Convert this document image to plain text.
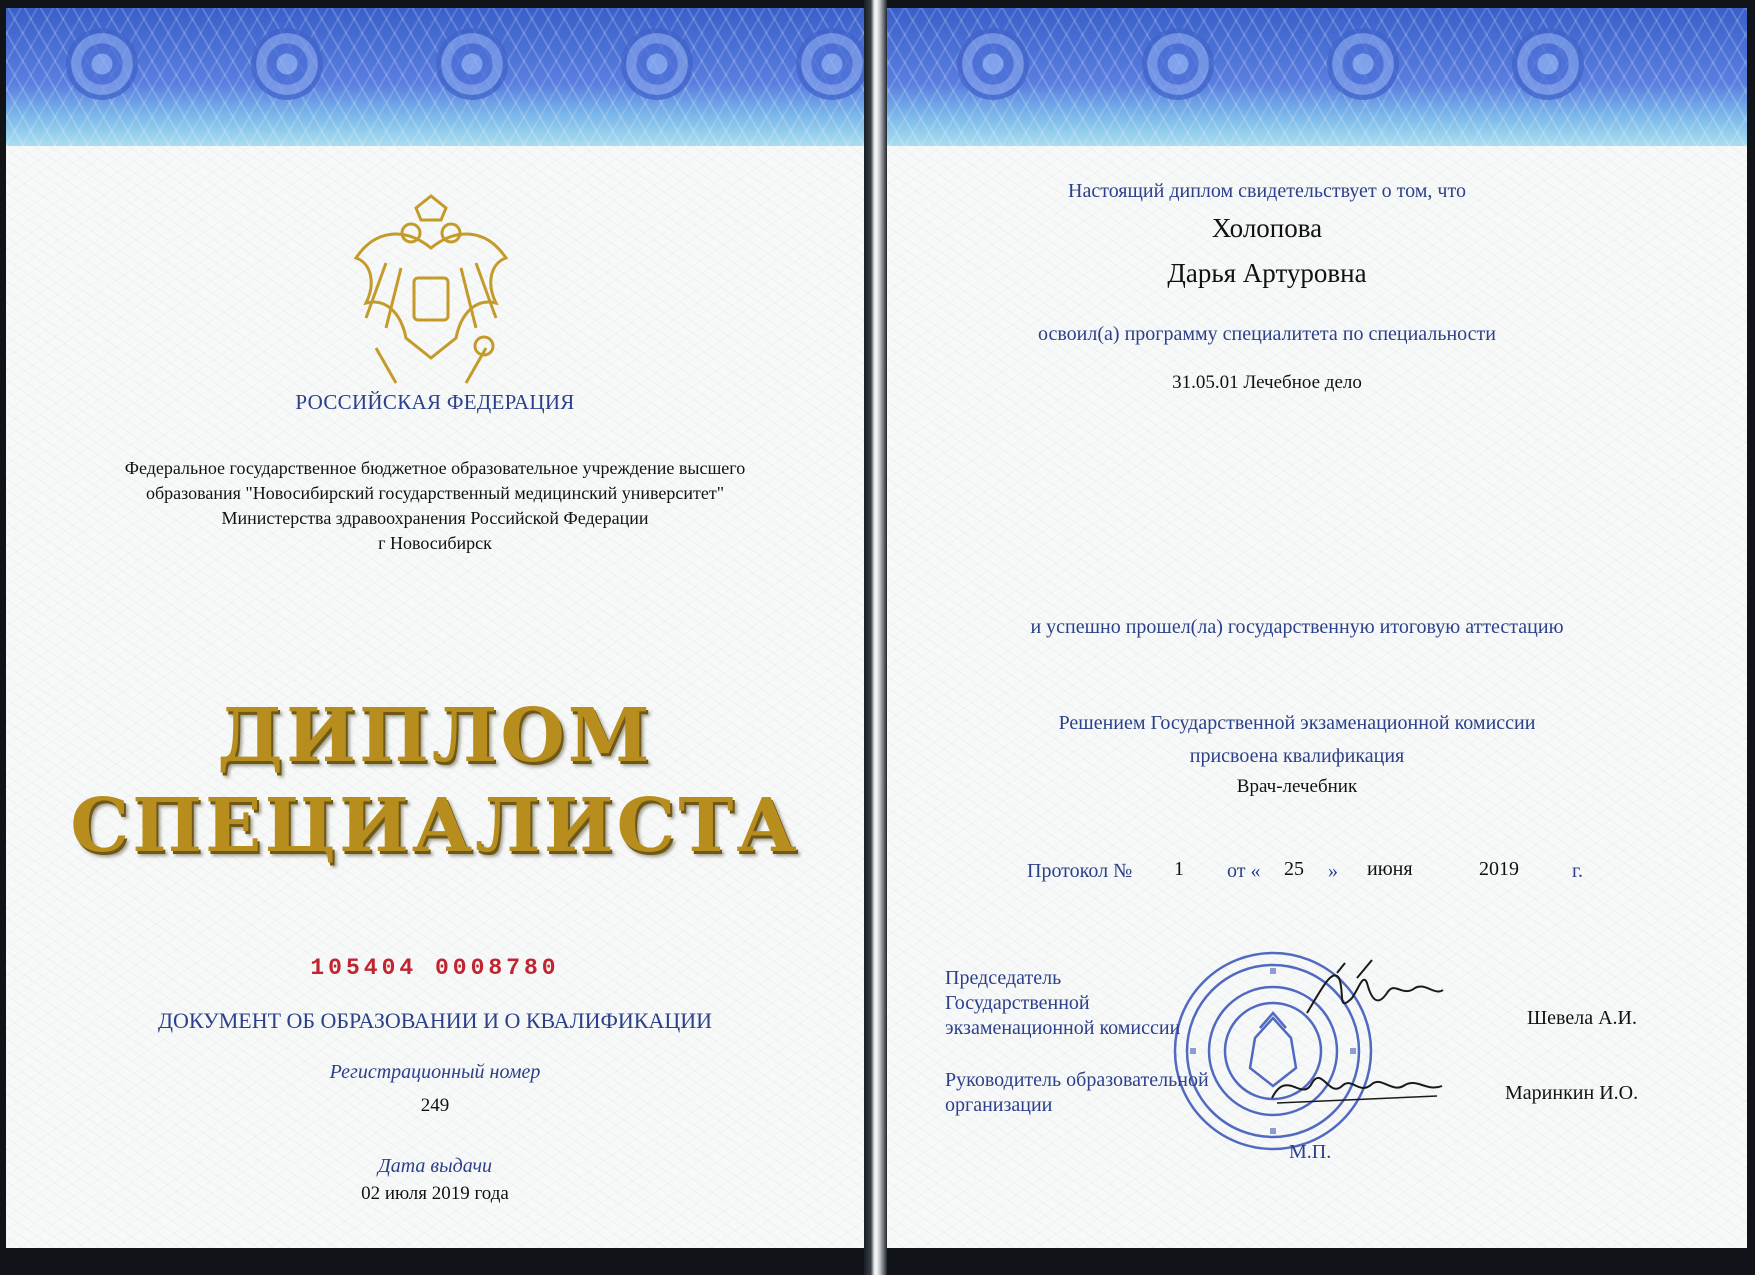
РОССИЙСКАЯ ФЕДЕРАЦИЯ
Федеральное государственное бюджетное образовательное учреждение высшего
образования "Новосибирский государственный медицинский университет"
Министерства здравоохранения Российской Федерации
г Новосибирск
ДИПЛОМ
СПЕЦИАЛИСТА
105404 0008780
ДОКУМЕНТ ОБ ОБРАЗОВАНИИ И О КВАЛИФИКАЦИИ
Регистрационный номер
249
Дата выдачи
02 июля 2019 года
Настоящий диплом свидетельствует о том, что
Холопова
Дарья Артуровна
освоил(а) программу специалитета по специальности
31.05.01 Лечебное дело
и успешно прошел(ла) государственную итоговую аттестацию
Решением Государственной экзаменационной комиссии
присвоена квалификация
Врач-лечебник
Протокол № 1 от « 25 » июня	2019	г.
Председатель
Государственной
экзаменационной комиссии	Шевела А.И.
Руководитель образовательной
организации
Маринкин И.О.
М.П.
